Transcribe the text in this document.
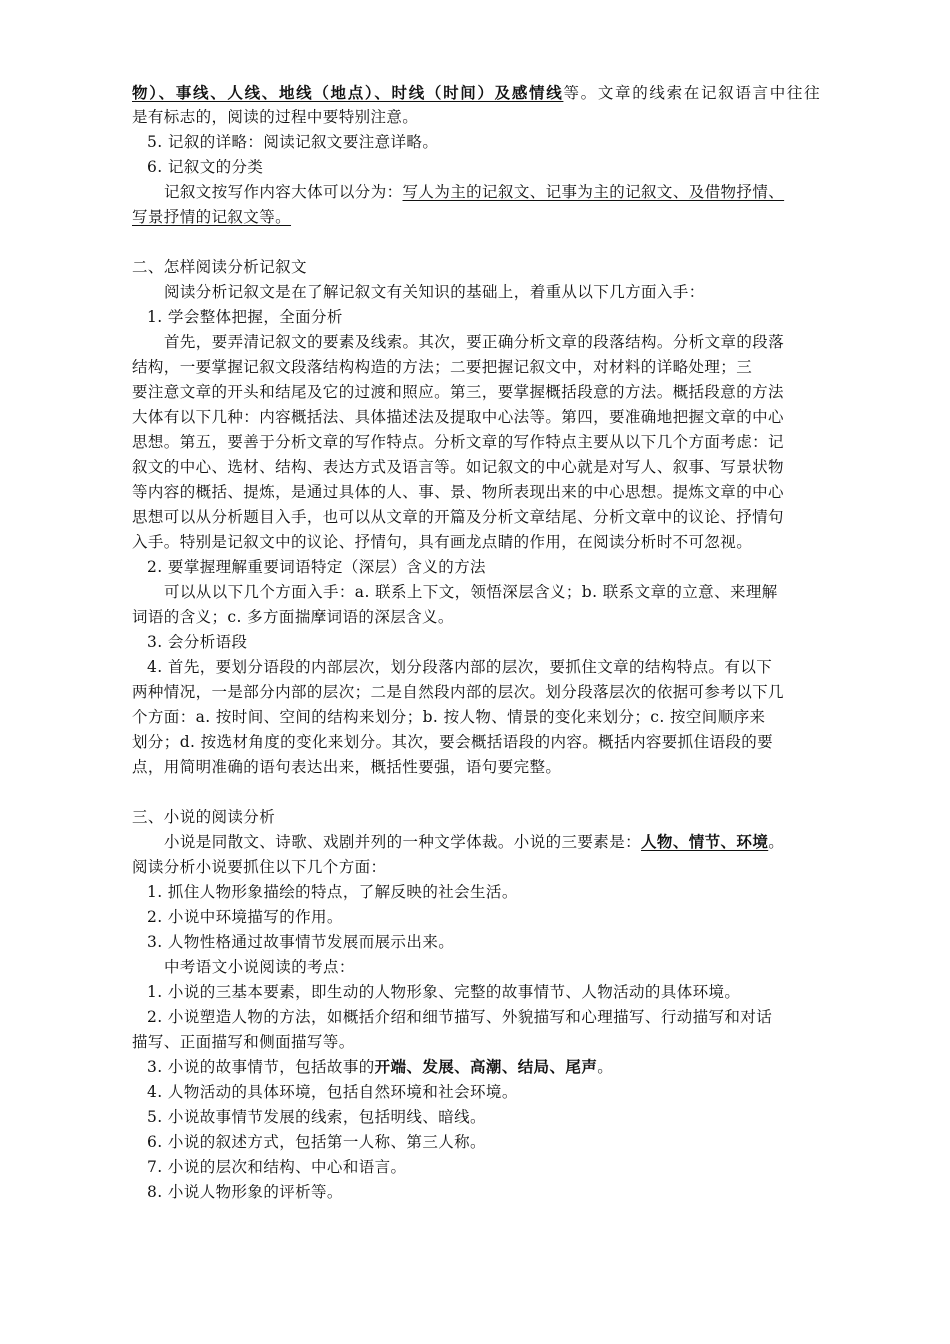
物）、事线、人线、地线（地点）、时线（时间）及感情线等。文章的线索在记叙语言中往往
是有标志的，阅读的过程中要特别注意。
5. 记叙的详略：阅读记叙文要注意详略。
6. 记叙文的分类
记叙文按写作内容大体可以分为：写人为主的记叙文、记事为主的记叙文、及借物抒情、
写景抒情的记叙文等。
二、怎样阅读分析记叙文
阅读分析记叙文是在了解记叙文有关知识的基础上，着重从以下几方面入手：
1. 学会整体把握，全面分析
首先，要弄清记叙文的要素及线索。其次，要正确分析文章的段落结构。分析文章的段落
结构，一要掌握记叙文段落结构构造的方法；二要把握记叙文中，对材料的详略处理；三
要注意文章的开头和结尾及它的过渡和照应。第三，要掌握概括段意的方法。概括段意的方法
大体有以下几种：内容概括法、具体描述法及提取中心法等。第四，要准确地把握文章的中心
思想。第五，要善于分析文章的写作特点。分析文章的写作特点主要从以下几个方面考虑：记
叙文的中心、选材、结构、表达方式及语言等。如记叙文的中心就是对写人、叙事、写景状物
等内容的概括、提炼，是通过具体的人、事、景、物所表现出来的中心思想。提炼文章的中心
思想可以从分析题目入手，也可以从文章的开篇及分析文章结尾、分析文章中的议论、抒情句
入手。特别是记叙文中的议论、抒情句，具有画龙点睛的作用，在阅读分析时不可忽视。
2. 要掌握理解重要词语特定（深层）含义的方法
可以从以下几个方面入手：a. 联系上下文，领悟深层含义；b. 联系文章的立意、来理解
词语的含义；c. 多方面揣摩词语的深层含义。
3. 会分析语段
4. 首先，要划分语段的内部层次，划分段落内部的层次，要抓住文章的结构特点。有以下
两种情况，一是部分内部的层次；二是自然段内部的层次。划分段落层次的依据可参考以下几
个方面：a. 按时间、空间的结构来划分；b. 按人物、情景的变化来划分；c. 按空间顺序来
划分；d. 按选材角度的变化来划分。其次，要会概括语段的内容。概括内容要抓住语段的要
点，用简明准确的语句表达出来，概括性要强，语句要完整。
三、小说的阅读分析
小说是同散文、诗歌、戏剧并列的一种文学体裁。小说的三要素是：人物、情节、环境。
阅读分析小说要抓住以下几个方面：
1. 抓住人物形象描绘的特点，了解反映的社会生活。
2. 小说中环境描写的作用。
3. 人物性格通过故事情节发展而展示出来。
中考语文小说阅读的考点：
1. 小说的三基本要素，即生动的人物形象、完整的故事情节、人物活动的具体环境。
2. 小说塑造人物的方法，如概括介绍和细节描写、外貌描写和心理描写、行动描写和对话
描写、正面描写和侧面描写等。
3. 小说的故事情节，包括故事的开端、发展、高潮、结局、尾声。
4. 人物活动的具体环境，包括自然环境和社会环境。
5. 小说故事情节发展的线索，包括明线、暗线。
6. 小说的叙述方式，包括第一人称、第三人称。
7. 小说的层次和结构、中心和语言。
8. 小说人物形象的评析等。
